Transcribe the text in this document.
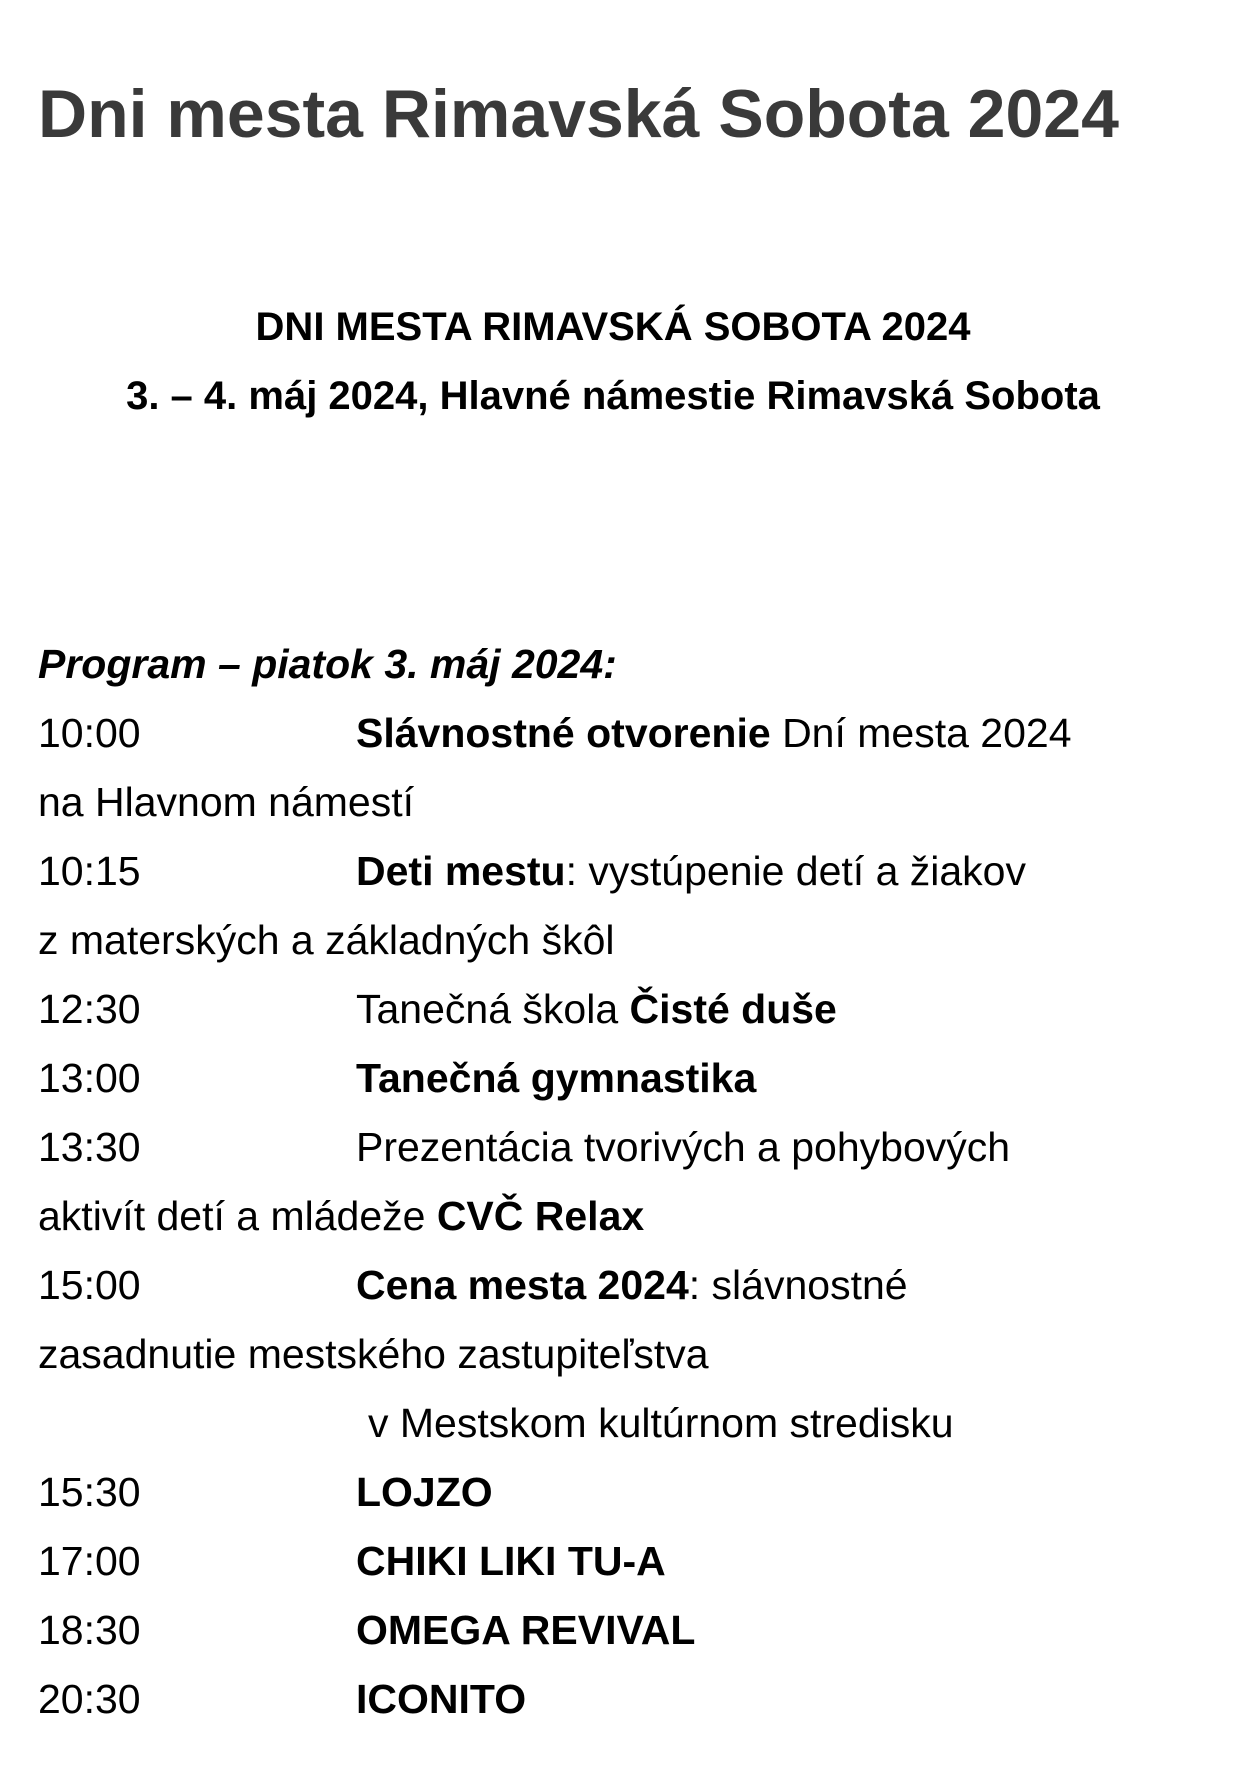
Dni mesta Rimavská Sobota 2024
DNI MESTA RIMAVSKÁ SOBOTA 2024
3. – 4. máj 2024, Hlavné námestie Rimavská Sobota
Program – piatok 3. máj 2024:
10:00	Slávnostné otvorenie Dní mesta 2024
na Hlavnom námestí
10:15	Deti mestu: vystúpenie detí a žiakov
z materských a základných škôl
12:30	Tanečná škola Čisté duše
13:00	Tanečná gymnastika
13:30	Prezentácia tvorivých a pohybových
aktivít detí a mládeže CVČ Relax
15:00	Cena mesta 2024: slávnostné
zasadnutie mestského zastupiteľstva
v Mestskom kultúrnom stredisku
15:30	LOJZO
17:00	CHIKI LIKI TU-A
18:30	OMEGA REVIVAL
20:30	ICONITO
